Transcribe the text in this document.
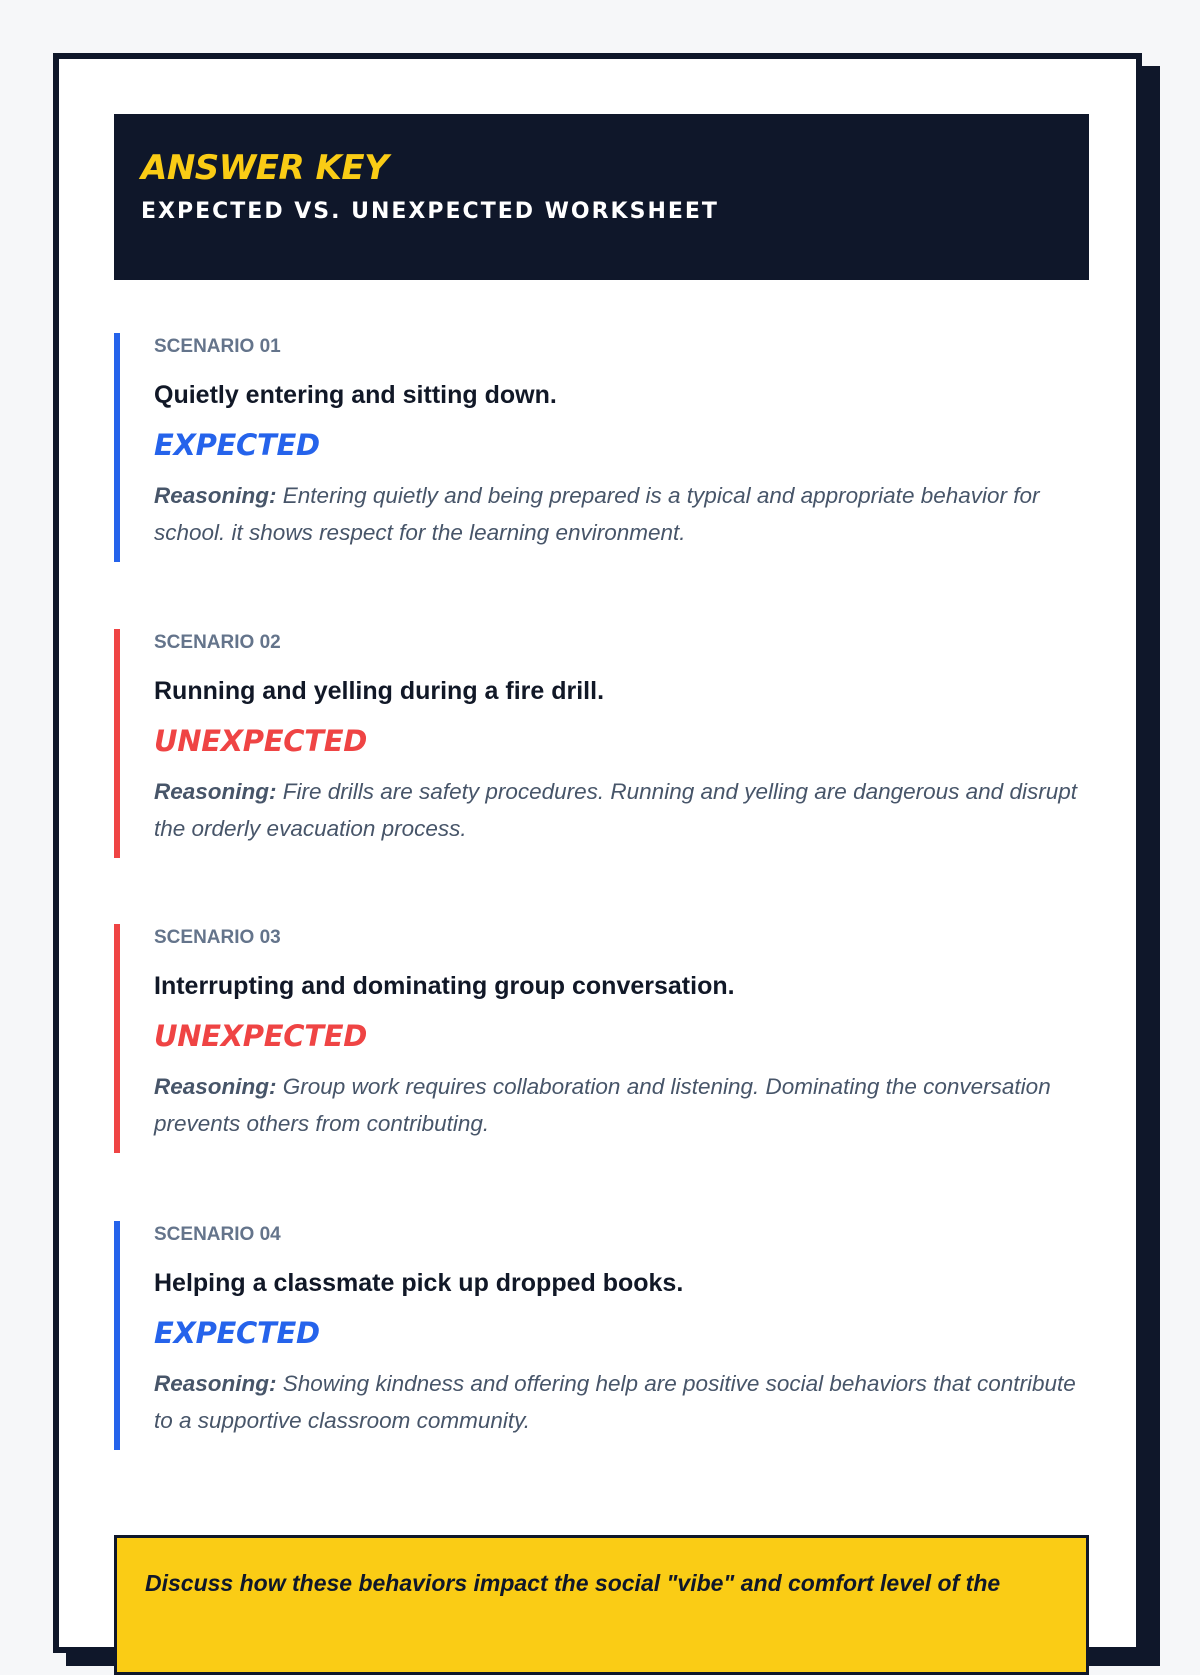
ANSWER KEY
EXPECTED VS. UNEXPECTED WORKSHEET
SCENARIO 01
Quietly entering and sitting down.
EXPECTED
Reasoning: Entering quietly and being prepared is a typical and appropriate behavior for school. it shows respect for the learning environment.
SCENARIO 02
Running and yelling during a fire drill.
UNEXPECTED
Reasoning: Fire drills are safety procedures. Running and yelling are dangerous and disrupt the orderly evacuation process.
SCENARIO 03
Interrupting and dominating group conversation.
UNEXPECTED
Reasoning: Group work requires collaboration and listening. Dominating the conversation prevents others from contributing.
SCENARIO 04
Helping a classmate pick up dropped books.
EXPECTED
Reasoning: Showing kindness and offering help are positive social behaviors that contribute to a supportive classroom community.
Discuss how these behaviors impact the social "vibe" and comfort level of the
